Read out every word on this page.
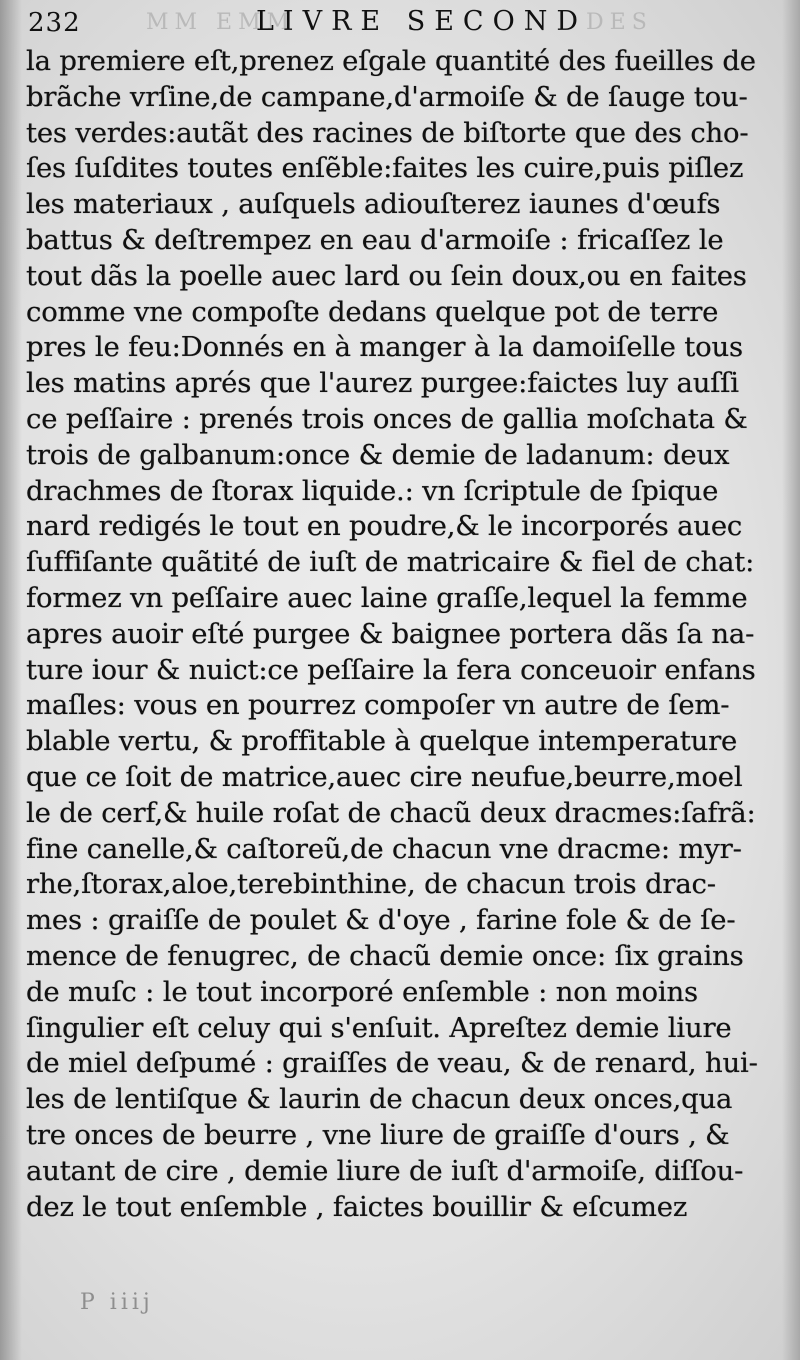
232	MM EMM
LIVRE SECOND DES
la premiere eſt,prenez eſgale quantité des fueilles de
brãche vrſine,de campane,d'armoiſe & de ſauge tou-
tes verdes:autãt des racines de biſtorte que des cho-
ſes ſuſdites toutes enſẽble:faites les cuire,puis piſlez
les materiaux , auſquels adiouſterez iaunes d'œufs
battus & deſtrempez en eau d'armoiſe : fricaſſez le
tout dãs la poelle auec lard ou ſein doux,ou en faites
comme vne compoſte dedans quelque pot de terre
pres le feu:Donnés en à manger à la damoiſelle tous
les matins aprés que l'aurez purgee:faictes luy auſſi
ce peſſaire : prenés trois onces de gallia moſchata &
trois de galbanum:once & demie de ladanum: deux
drachmes de ſtorax liquide.: vn ſcriptule de ſpique
nard redigés le tout en poudre,& le incorporés auec
ſuffiſante quãtité de iuſt de matricaire & fiel de chat:
formez vn peſſaire auec laine graſſe,lequel la femme
apres auoir eſté purgee & baignee portera dãs ſa na-
ture iour & nuict:ce peſſaire la fera conceuoir enfans
maſles: vous en pourrez compoſer vn autre de ſem-
blable vertu, & proffitable à quelque intemperature
que ce ſoit de matrice,auec cire neufue,beurre,moel
le de cerf,& huile roſat de chacũ deux dracmes:ſafrã:
fine canelle,& caſtoreũ,de chacun vne dracme: myr-
rhe,ſtorax,aloe,terebinthine, de chacun trois drac-
mes : graiſſe de poulet & d'oye , farine fole & de ſe-
mence de fenugrec, de chacũ demie once: ſix grains
de muſc : le tout incorporé enſemble : non moins
ſingulier eſt celuy qui s'enſuit. Apreſtez demie liure
de miel deſpumé : graiſſes de veau, & de renard, hui-
les de lentiſque & laurin de chacun deux onces,qua
tre onces de beurre , vne liure de graiſſe d'ours , &
autant de cire , demie liure de iuſt d'armoiſe, diſſou-
dez le tout enſemble , faictes bouillir & eſcumez
P iiij
